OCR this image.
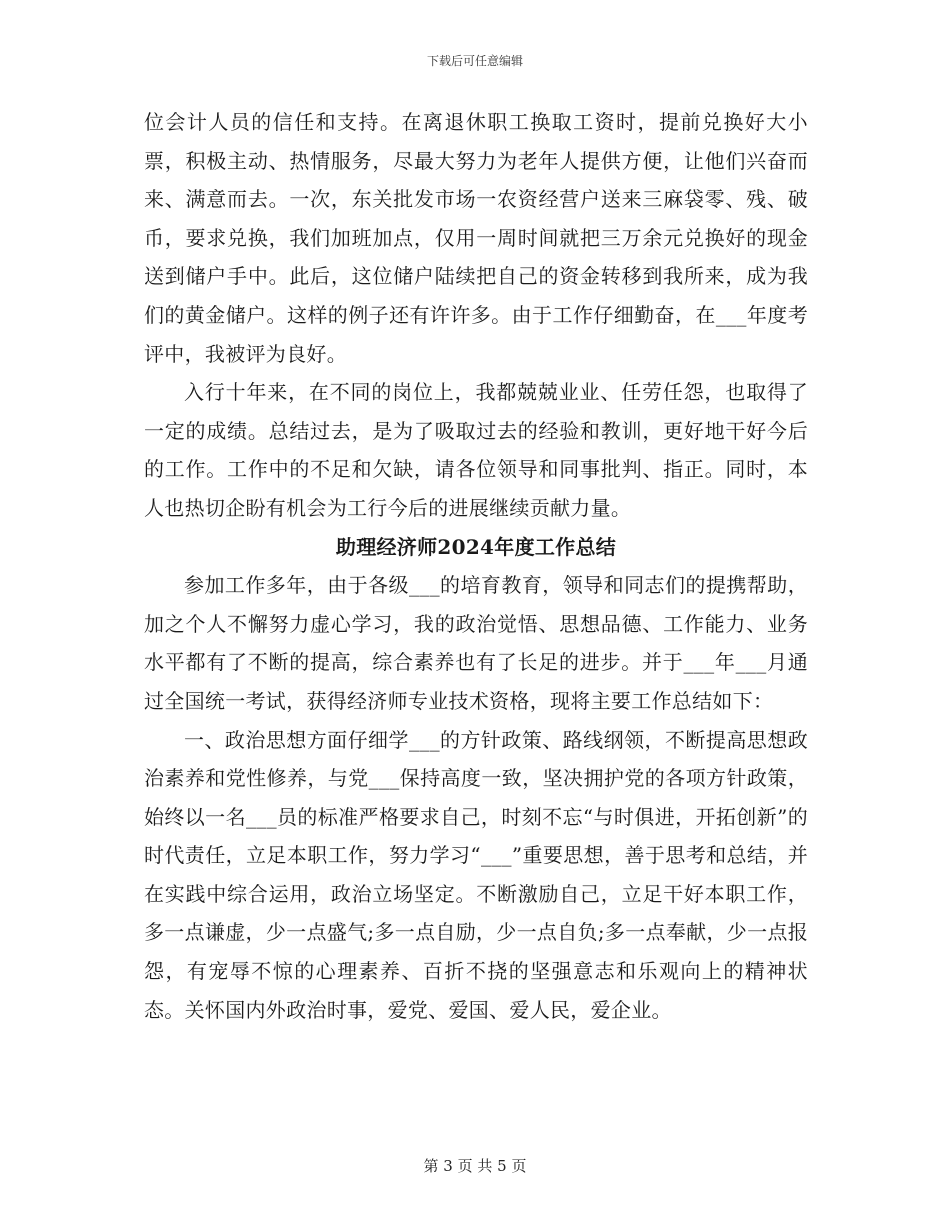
下载后可任意编辑

位会计人员的信任和支持。在离退休职工换取工资时，提前兑换好大小票，积极主动、热情服务，尽最大努力为老年人提供方便，让他们兴奋而来、满意而去。一次，东关批发市场一农资经营户送来三麻袋零、残、破币，要求兑换，我们加班加点，仅用一周时间就把三万余元兑换好的现金送到储户手中。此后，这位储户陆续把自己的资金转移到我所来，成为我们的黄金储户。这样的例子还有许许多。由于工作仔细勤奋，在___年度考评中，我被评为良好。

入行十年来，在不同的岗位上，我都兢兢业业、任劳任怨，也取得了一定的成绩。总结过去，是为了吸取过去的经验和教训，更好地干好今后的工作。工作中的不足和欠缺，请各位领导和同事批判、指正。同时，本人也热切企盼有机会为工行今后的进展继续贡献力量。

助理经济师2024年度工作总结

参加工作多年，由于各级___的培育教育，领导和同志们的提携帮助，加之个人不懈努力虚心学习，我的政治觉悟、思想品德、工作能力、业务水平都有了不断的提高，综合素养也有了长足的进步。并于___年___月通过全国统一考试，获得经济师专业技术资格，现将主要工作总结如下：

一、政治思想方面仔细学___的方针政策、路线纲领，不断提高思想政治素养和党性修养，与党___保持高度一致，坚决拥护党的各项方针政策，始终以一名___员的标准严格要求自己，时刻不忘“与时俱进，开拓创新”的时代责任，立足本职工作，努力学习“___”重要思想，善于思考和总结，并在实践中综合运用，政治立场坚定。不断激励自己，立足干好本职工作，多一点谦虚，少一点盛气;多一点自励，少一点自负;多一点奉献，少一点报怨，有宠辱不惊的心理素养、百折不挠的坚强意志和乐观向上的精神状态。关怀国内外政治时事，爱党、爱国、爱人民，爱企业。

第 3 页 共 5 页
